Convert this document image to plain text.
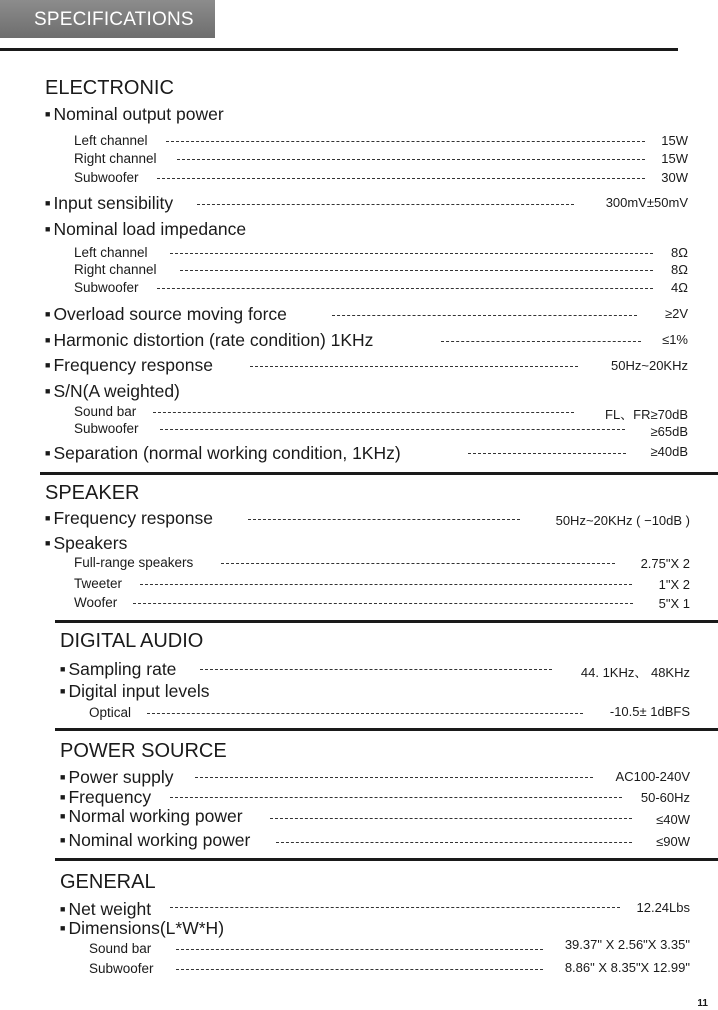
SPECIFICATIONS
ELECTRONIC
■ Nominal output power
Left channel	15W
Right channel	15W
Subwoofer	30W
■ Input sensibility	300mV±50mV
■ Nominal load impedance
Left channel	8Ω
Right channel	8Ω
Subwoofer	4Ω
■ Overload source moving force	≥2V
■ Harmonic distortion (rate condition) 1KHz	≤1%
■ Frequency response	50Hz~20KHz
■ S/N(A weighted)
Sound bar	FL、FR≥70dB
Subwoofer	≥65dB
■ Separation (normal working condition, 1KHz)	≥40dB
SPEAKER
■ Frequency response	50Hz~20KHz ( −10dB )
■ Speakers
Full-range speakers	2.75"X 2
Tweeter	1"X 2
Woofer	5"X 1
DIGITAL AUDIO
■ Sampling rate	44. 1KHz、 48KHz
■ Digital input levels
Optical	-10.5± 1dBFS
POWER SOURCE
■ Power supply	AC100-240V
■ Frequency	50-60Hz
■ Normal working power	≤40W
■ Nominal working power	≤90W
GENERAL
■ Net weight	12.24Lbs
■ Dimensions(L*W*H)
Sound bar	39.37" X 2.56"X 3.35"
Subwoofer	8.86" X 8.35"X 12.99"
11
